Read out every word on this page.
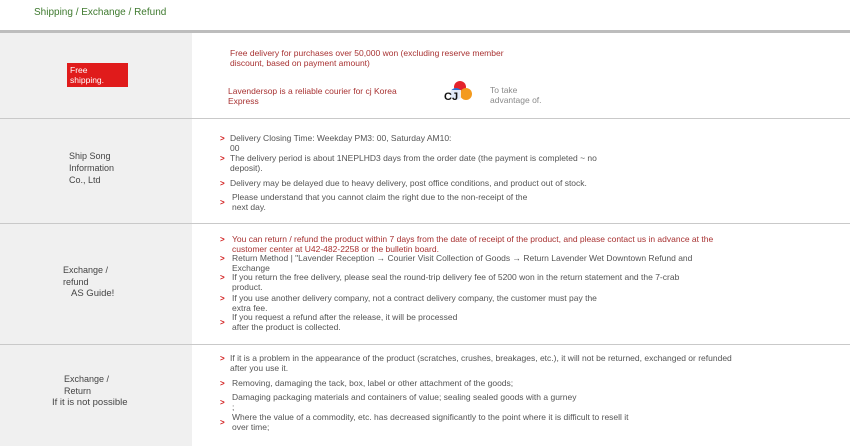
Shipping / Exchange / Refund
Free
shipping.
Free delivery for purchases over 50,000 won (excluding reserve member
discount, based on payment amount)
Lavendersop is a reliable courier for cj Korea
Express	CJ
To take
advantage of.
Ship Song
Information
Co., Ltd
> Delivery Closing Time: Weekday PM3: 00, Saturday AM10:
00
> The delivery period is about 1NEPLHD3 days from the order date (the payment is completed ~ no
deposit).
> Delivery may be delayed due to heavy delivery, post office conditions, and product out of stock.
>
Please understand that you cannot claim the right due to the non-receipt of the
next day.
Exchange /
refund
AS Guide!
> You can return / refund the product within 7 days from the date of receipt of the product, and please contact us in advance at the
customer center at U42-482-2258 or the bulletin board.
> Return Method | "Lavender Reception → Courier Visit Collection of Goods → Return Lavender Wet Downtown Refund and
Exchange
> If you return the free delivery, please seal the round-trip delivery fee of 5200 won in the return statement and the 7-crab
product.
> If you use another delivery company, not a contract delivery company, the customer must pay the
extra fee.
>
If you request a refund after the release, it will be processed
after the product is collected.
Exchange /
Return
If it is not possible
> If it is a problem in the appearance of the product (scratches, crushes, breakages, etc.), it will not be returned, exchanged or refunded
after you use it.
> Removing, damaging the tack, box, label or other attachment of the goods;
>
Damaging packaging materials and containers of value; sealing sealed goods with a gurney
;
>
Where the value of a commodity, etc. has decreased significantly to the point where it is difficult to resell it
over time;
